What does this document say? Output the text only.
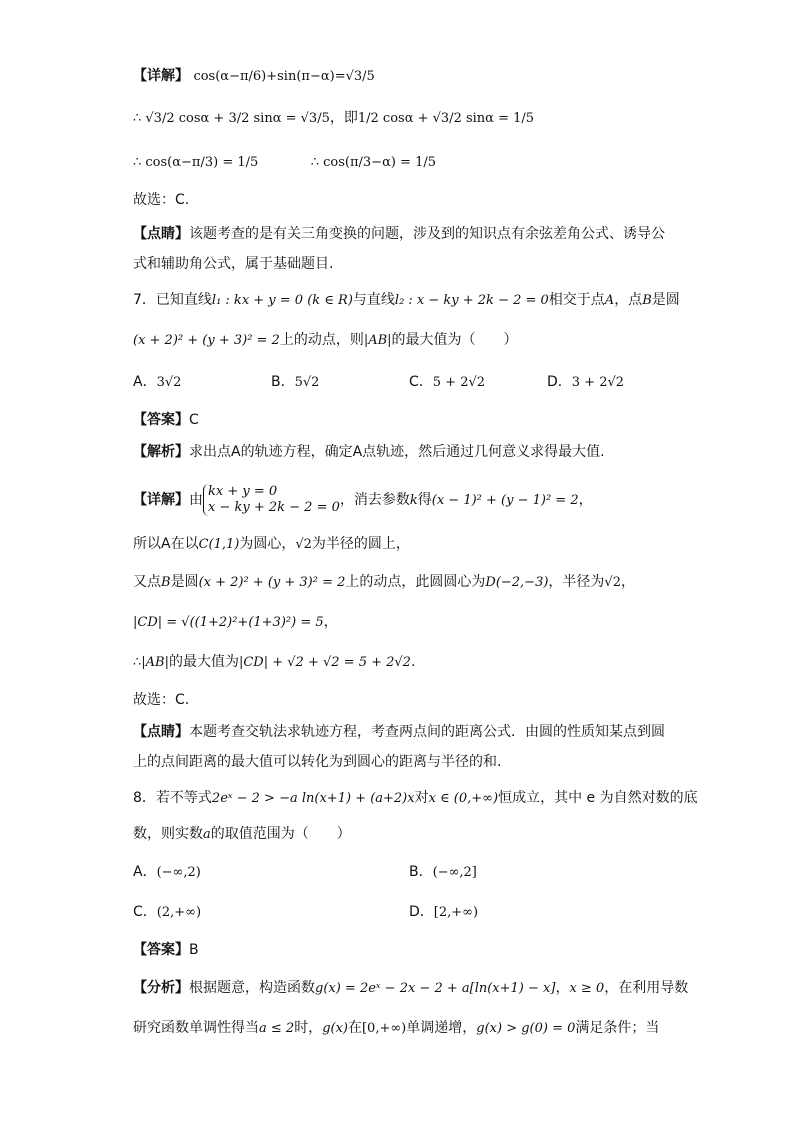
【详解】 cos(α−π/6)+sin(π−α)=√3/5
∴ √3/2 cosα + 3/2 sinα = √3/5，即1/2 cosα + √3/2 sinα = 1/5
∴ cos(α−π/3) = 1/5	∴ cos(π/3−α) = 1/5
故选：C.
【点睛】该题考查的是有关三角变换的问题，涉及到的知识点有余弦差角公式、诱导公
式和辅助角公式，属于基础题目.
7．已知直线l₁ : kx + y = 0 (k ∈ R)与直线l₂ : x − ky + 2k − 2 = 0相交于点A，点B是圆
(x + 2)² + (y + 3)² = 2上的动点，则|AB|的最大值为（　　）
A．3√2	B．5√2	C．5 + 2√2	D．3 + 2√2
【答案】C
【解析】求出点A的轨迹方程，确定A点轨迹，然后通过几何意义求得最大值.
【详解】由
kx + y = 0
x − ky + 2k − 2 = 0 ，消去参数k得(x − 1)² + (y − 1)² = 2，
所以A在以C(1,1)为圆心，√2为半径的圆上，
又点B是圆(x + 2)² + (y + 3)² = 2上的动点，此圆圆心为D(−2,−3)，半径为√2，
|CD| = √((1+2)²+(1+3)²) = 5，
∴|AB|的最大值为|CD| + √2 + √2 = 5 + 2√2.
故选：C.
【点睛】本题考查交轨法求轨迹方程，考查两点间的距离公式．由圆的性质知某点到圆
上的点间距离的最大值可以转化为到圆心的距离与半径的和.
8．若不等式2eˣ − 2 > −a ln(x+1) + (a+2)x对x ∈ (0,+∞)恒成立，其中 e 为自然对数的底
数，则实数a的取值范围为（　　）
A．(−∞,2)	B．(−∞,2]
C．(2,+∞)	D．[2,+∞)
【答案】B
【分析】根据题意，构造函数g(x) = 2eˣ − 2x − 2 + a[ln(x+1) − x]，x ≥ 0，在利用导数
研究函数单调性得当a ≤ 2时，g(x)在[0,+∞)单调递增，g(x) > g(0) = 0满足条件；当
